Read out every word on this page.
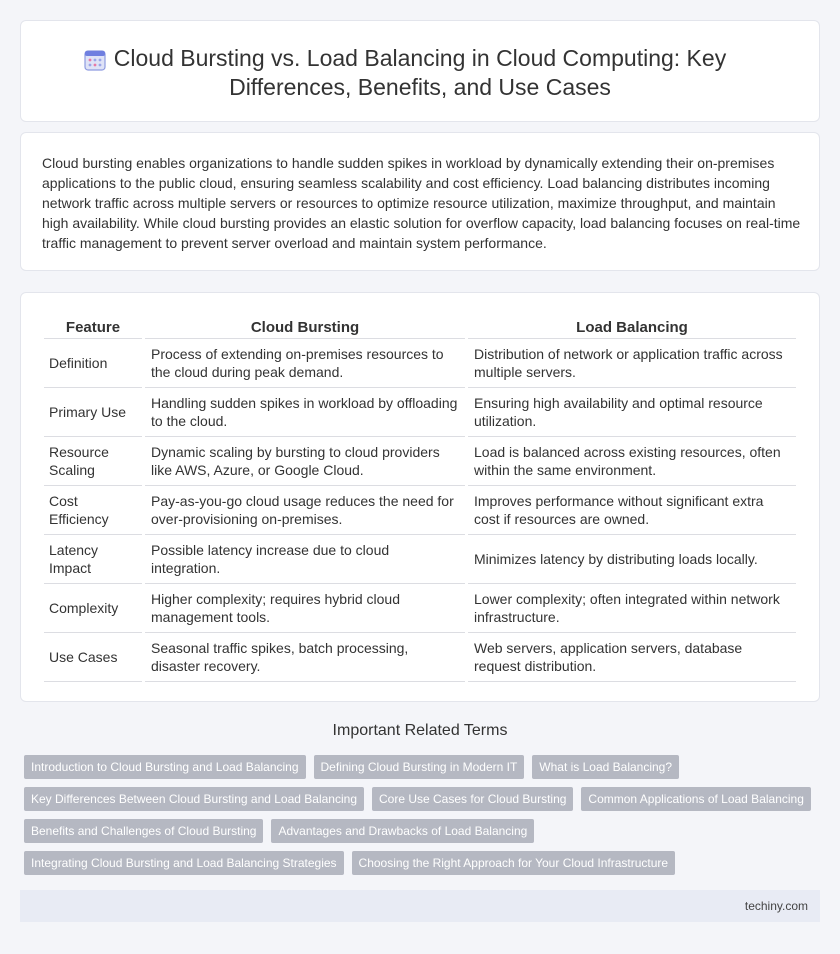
Cloud Bursting vs. Load Balancing in Cloud Computing: Key Differences, Benefits, and Use Cases

Cloud bursting enables organizations to handle sudden spikes in workload by dynamically extending their on-premises applications to the public cloud, ensuring seamless scalability and cost efficiency. Load balancing distributes incoming network traffic across multiple servers or resources to optimize resource utilization, maximize throughput, and maintain high availability. While cloud bursting provides an elastic solution for overflow capacity, load balancing focuses on real-time traffic management to prevent server overload and maintain system performance.

Feature	Cloud Bursting	Load Balancing
Definition	Process of extending on-premises resources to the cloud during peak demand.	Distribution of network or application traffic across multiple servers.
Primary Use	Handling sudden spikes in workload by offloading to the cloud.	Ensuring high availability and optimal resource utilization.
Resource Scaling	Dynamic scaling by bursting to cloud providers like AWS, Azure, or Google Cloud.	Load is balanced across existing resources, often within the same environment.
Cost Efficiency	Pay-as-you-go cloud usage reduces the need for over-provisioning on-premises.	Improves performance without significant extra cost if resources are owned.
Latency Impact	Possible latency increase due to cloud integration.	Minimizes latency by distributing loads locally.
Complexity	Higher complexity; requires hybrid cloud management tools.	Lower complexity; often integrated within network infrastructure.
Use Cases	Seasonal traffic spikes, batch processing, disaster recovery.	Web servers, application servers, database request distribution.
Important Related Terms
Introduction to Cloud Bursting and Load Balancing	Defining Cloud Bursting in Modern IT	What is Load Balancing?
Key Differences Between Cloud Bursting and Load Balancing	Core Use Cases for Cloud Bursting	Common Applications of Load Balancing
Benefits and Challenges of Cloud Bursting	Advantages and Drawbacks of Load Balancing
Integrating Cloud Bursting and Load Balancing Strategies	Choosing the Right Approach for Your Cloud Infrastructure
techiny.com
